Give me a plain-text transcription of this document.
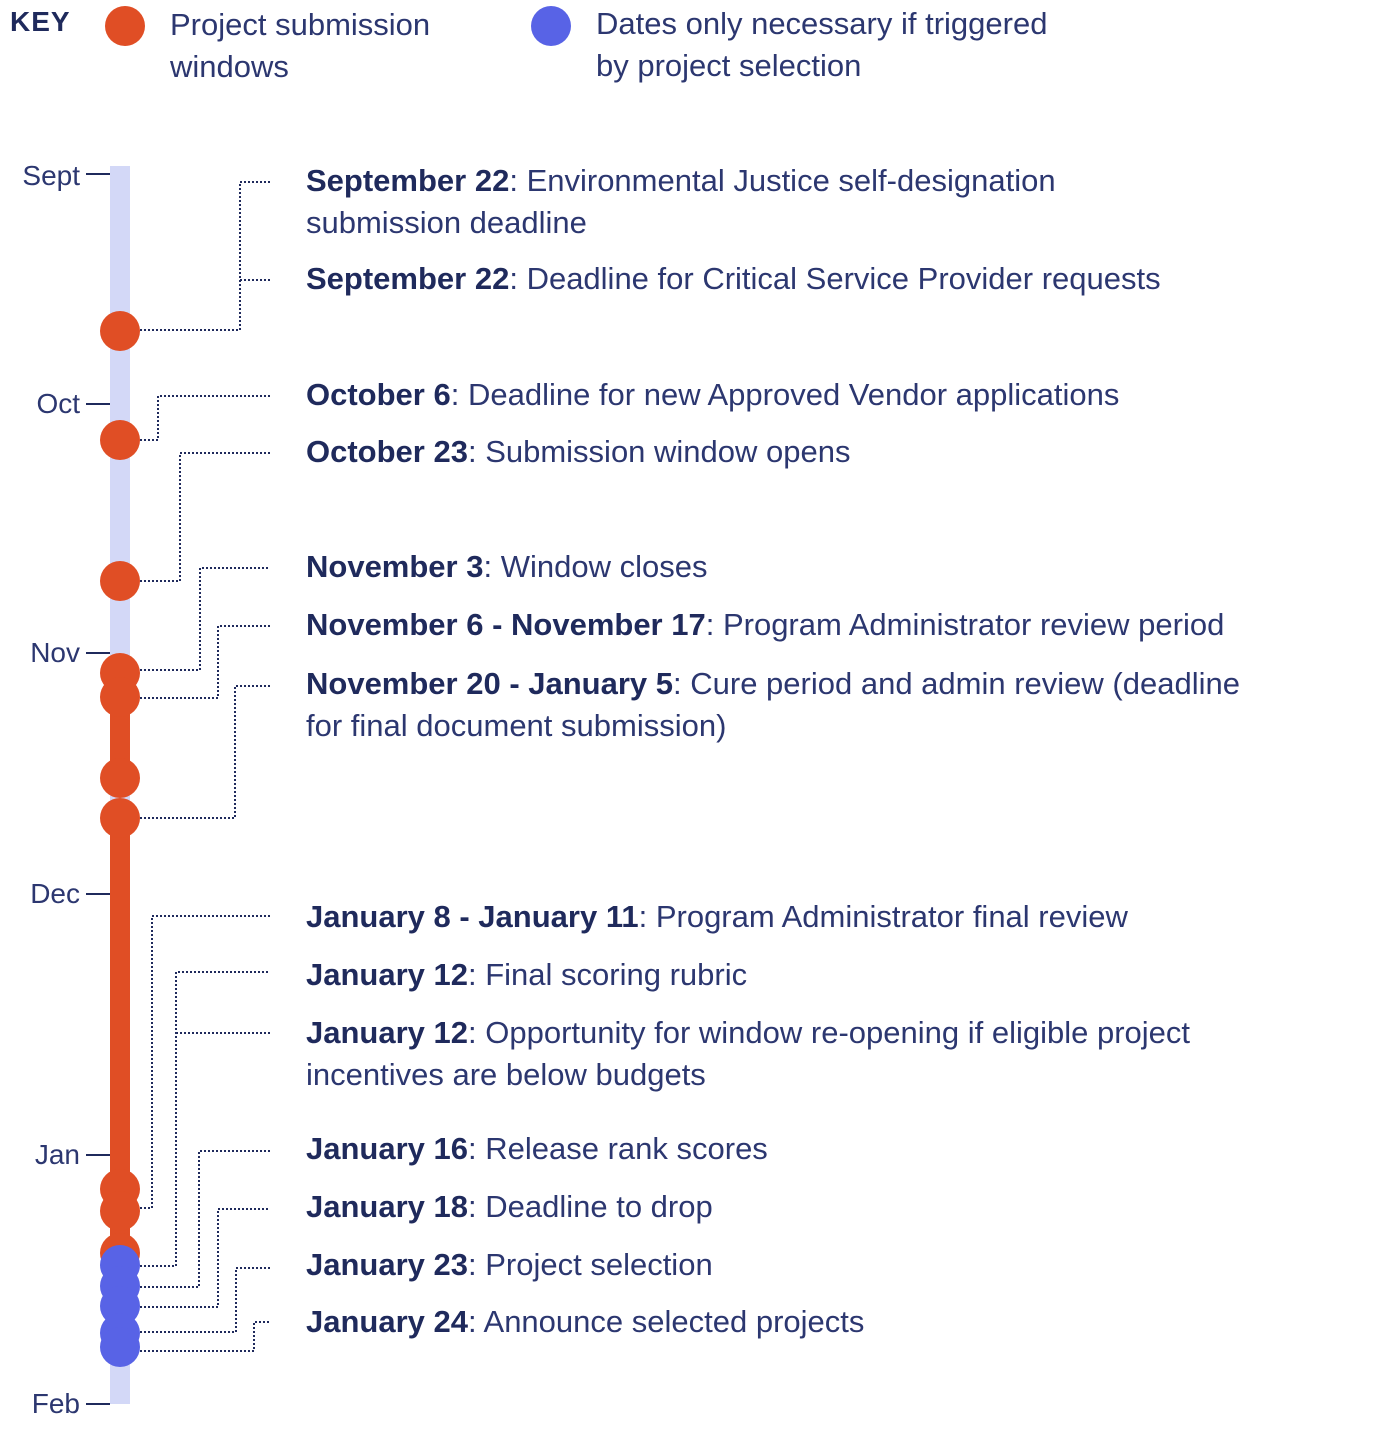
KEY	Project submission
windows

Dates only necessary if triggered
by project selection

Sept
Oct
Nov
Dec
Jan
Feb

September 22: Environmental Justice self-designation
submission deadline

September 22: Deadline for Critical Service Provider requests

October 6: Deadline for new Approved Vendor applications

October 23: Submission window opens

November 3: Window closes

November 6 - November 17: Program Administrator review period

November 20 - January 5: Cure period and admin review (deadline
for final document submission)

January 8 - January 11: Program Administrator final review

January 12: Final scoring rubric

January 12: Opportunity for window re-opening if eligible project
incentives are below budgets

January 16: Release rank scores

January 18: Deadline to drop

January 23: Project selection

January 24: Announce selected projects
